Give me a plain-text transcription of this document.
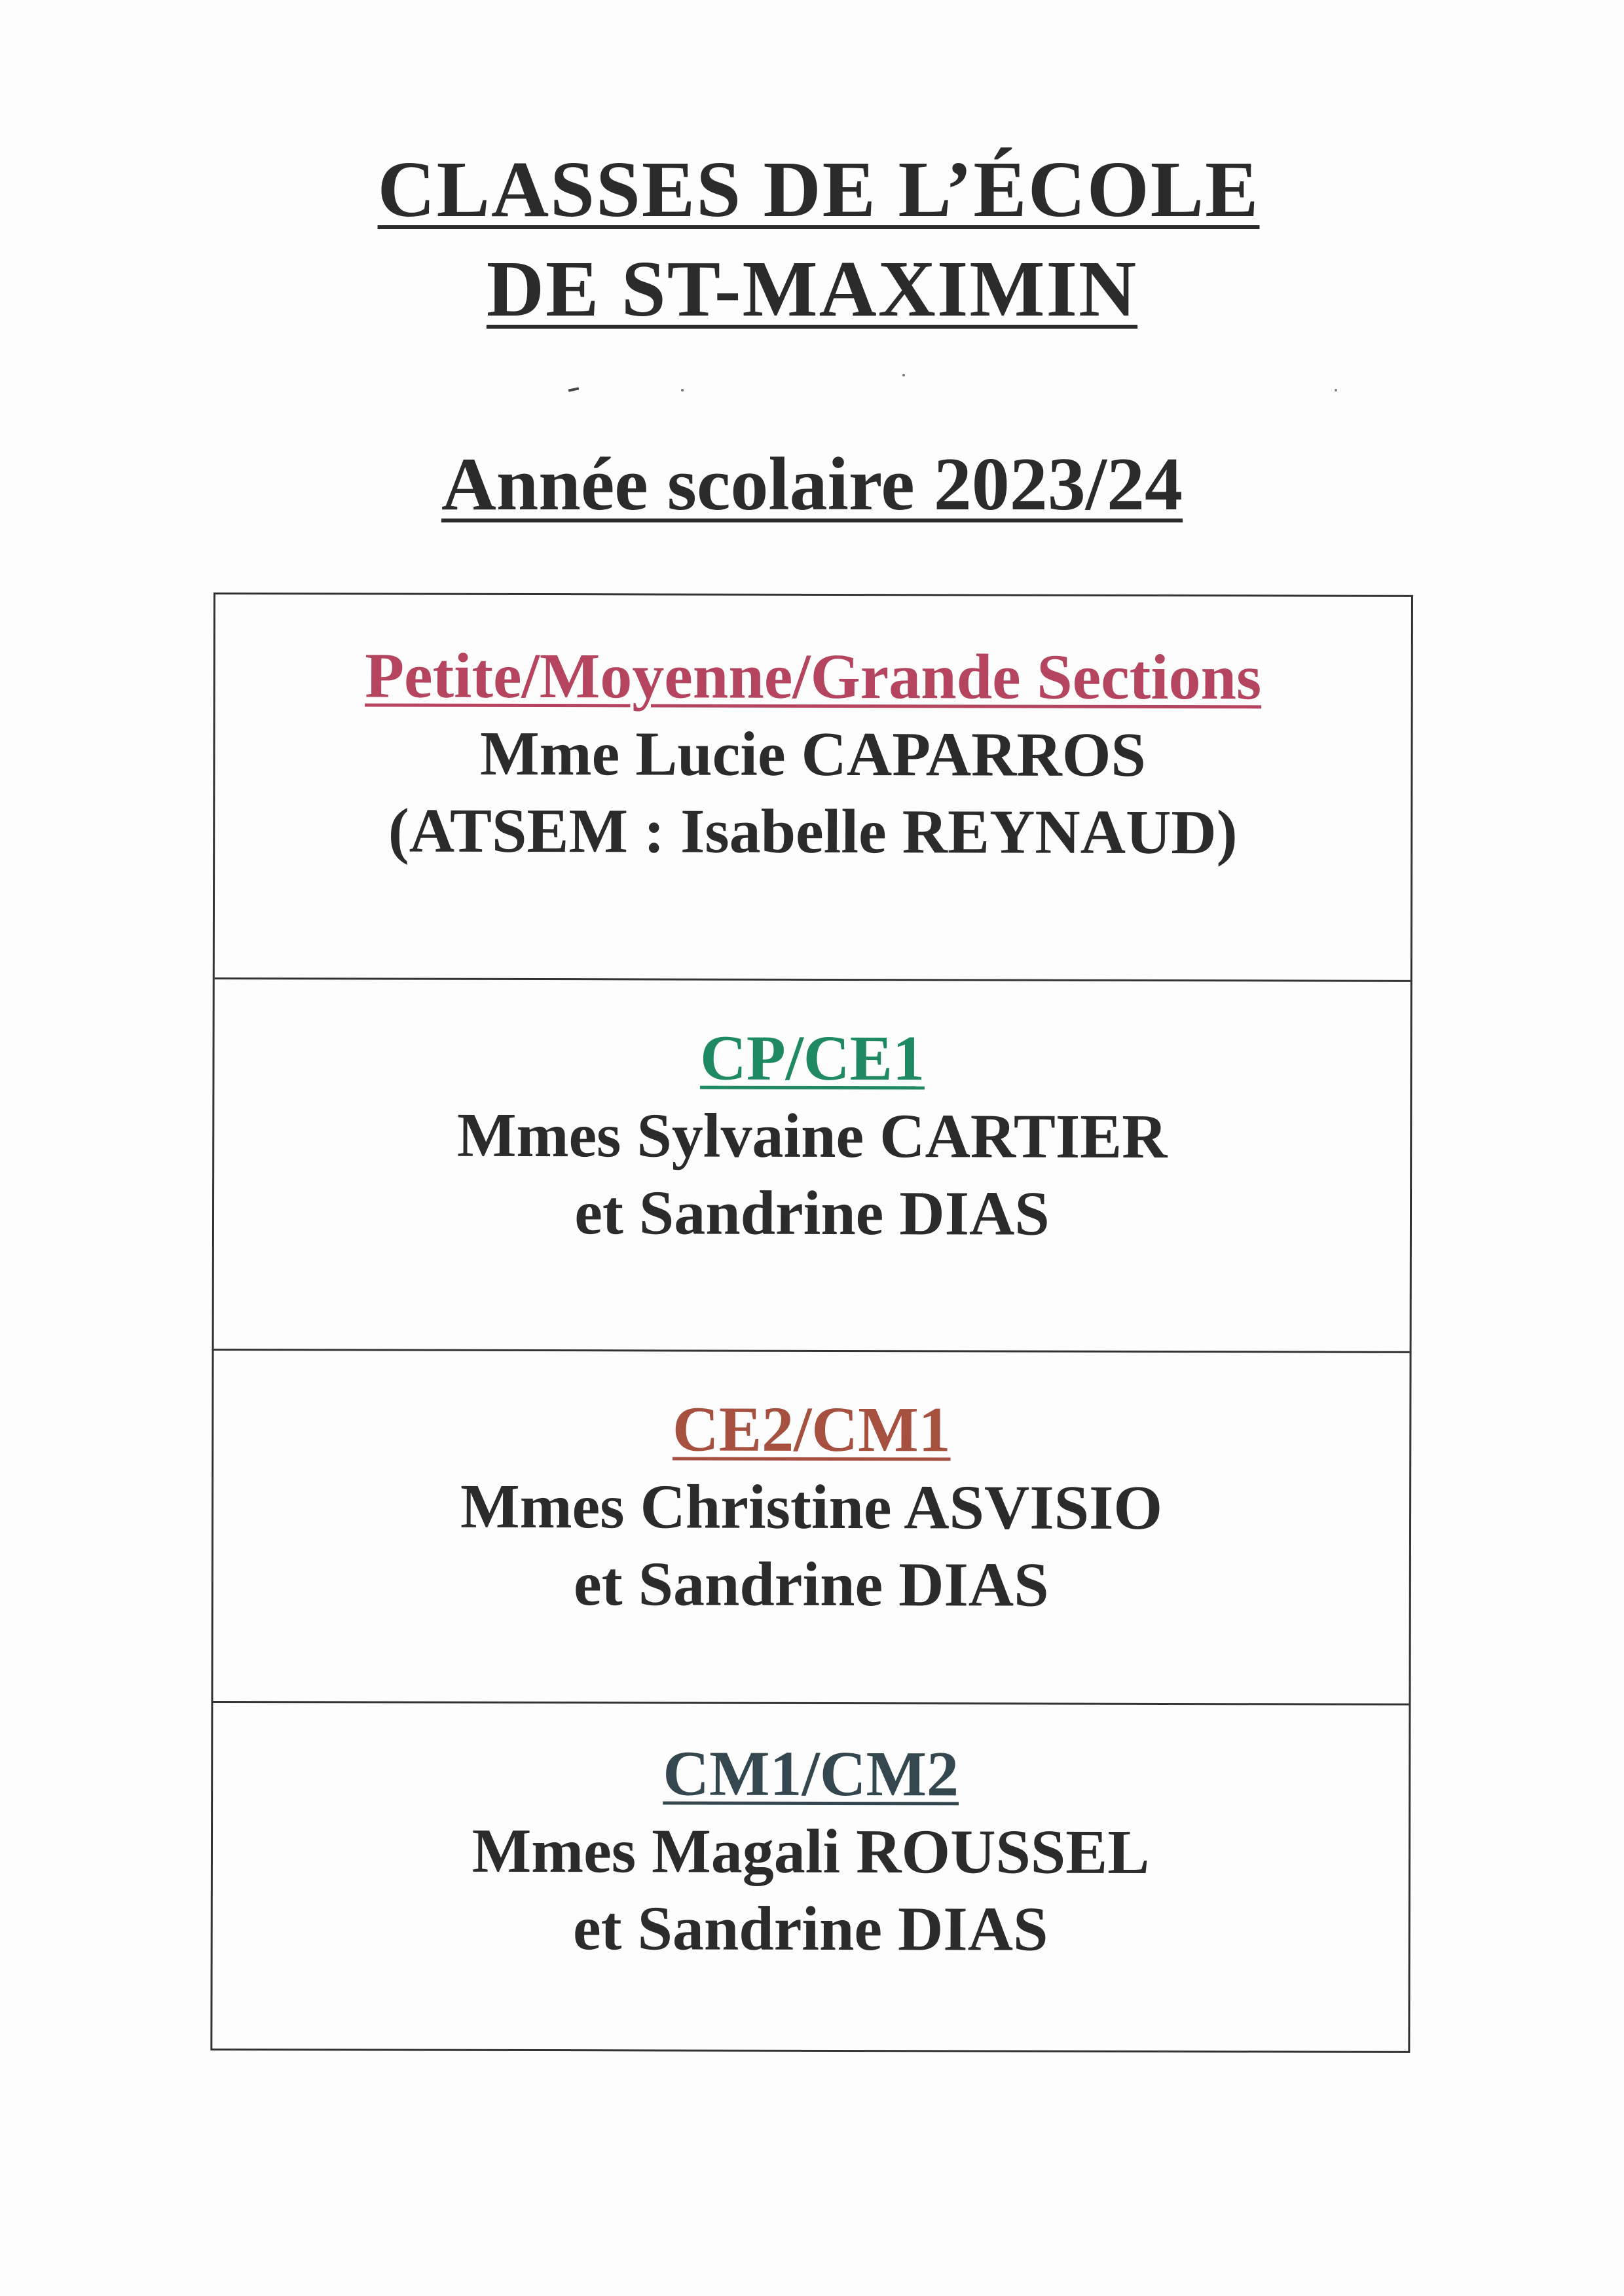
CLASSES DE L’ÉCOLE
DE ST-MAXIMIN
Année scolaire 2023/24
Petite/Moyenne/Grande Sections
Mme Lucie CAPARROS
(ATSEM : Isabelle REYNAUD)
CP/CE1
Mmes Sylvaine CARTIER
et Sandrine DIAS
CE2/CM1
Mmes Christine ASVISIO
et Sandrine DIAS
CM1/CM2
Mmes Magali ROUSSEL
et Sandrine DIAS
